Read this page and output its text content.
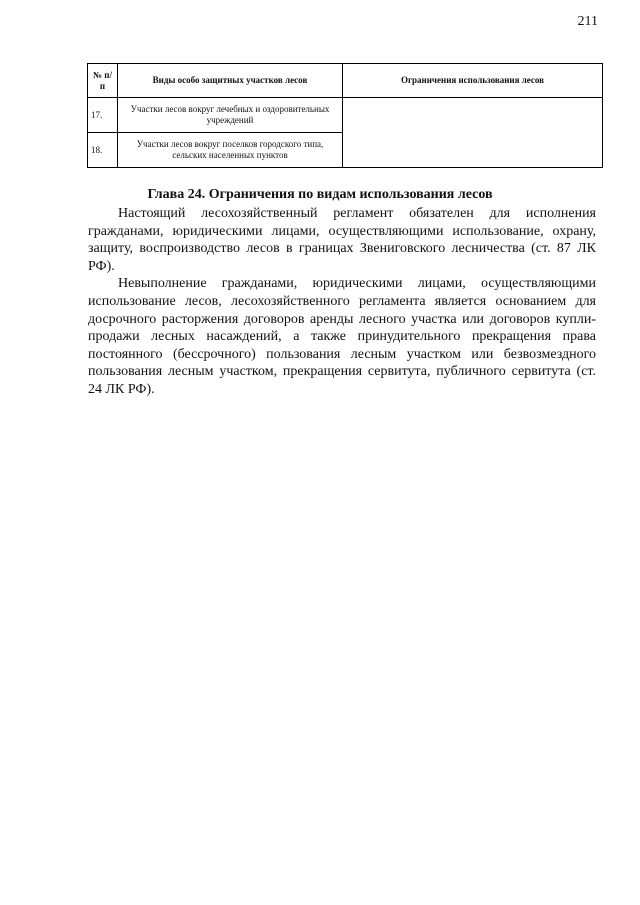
211
№ п/п	Виды особо защитных участков лесов	Ограничения использования лесов
17.	Участки лесов вокруг лечебных и оздоровительных учреждений	
18.	Участки лесов вокруг поселков городского типа, сельских населенных пунктов	
Глава 24. Ограничения по видам использования лесов

Настоящий лесохозяйственный регламент обязателен для исполнения гражданами, юридическими лицами, осуществляющими использование, охрану, защиту, воспроизводство лесов в границах Звениговского лесничества (ст. 87 ЛК РФ).

Невыполнение гражданами, юридическими лицами, осуществляющими использование лесов, лесохозяйственного регламента является основанием для досрочного расторжения договоров аренды лесного участка или договоров купли-продажи лесных насаждений, а также принудительного прекращения права постоянного (бессрочного) пользования лесным участком или безвозмездного пользования лесным участком, прекращения сервитута, публичного сервитута (ст. 24 ЛК РФ).
